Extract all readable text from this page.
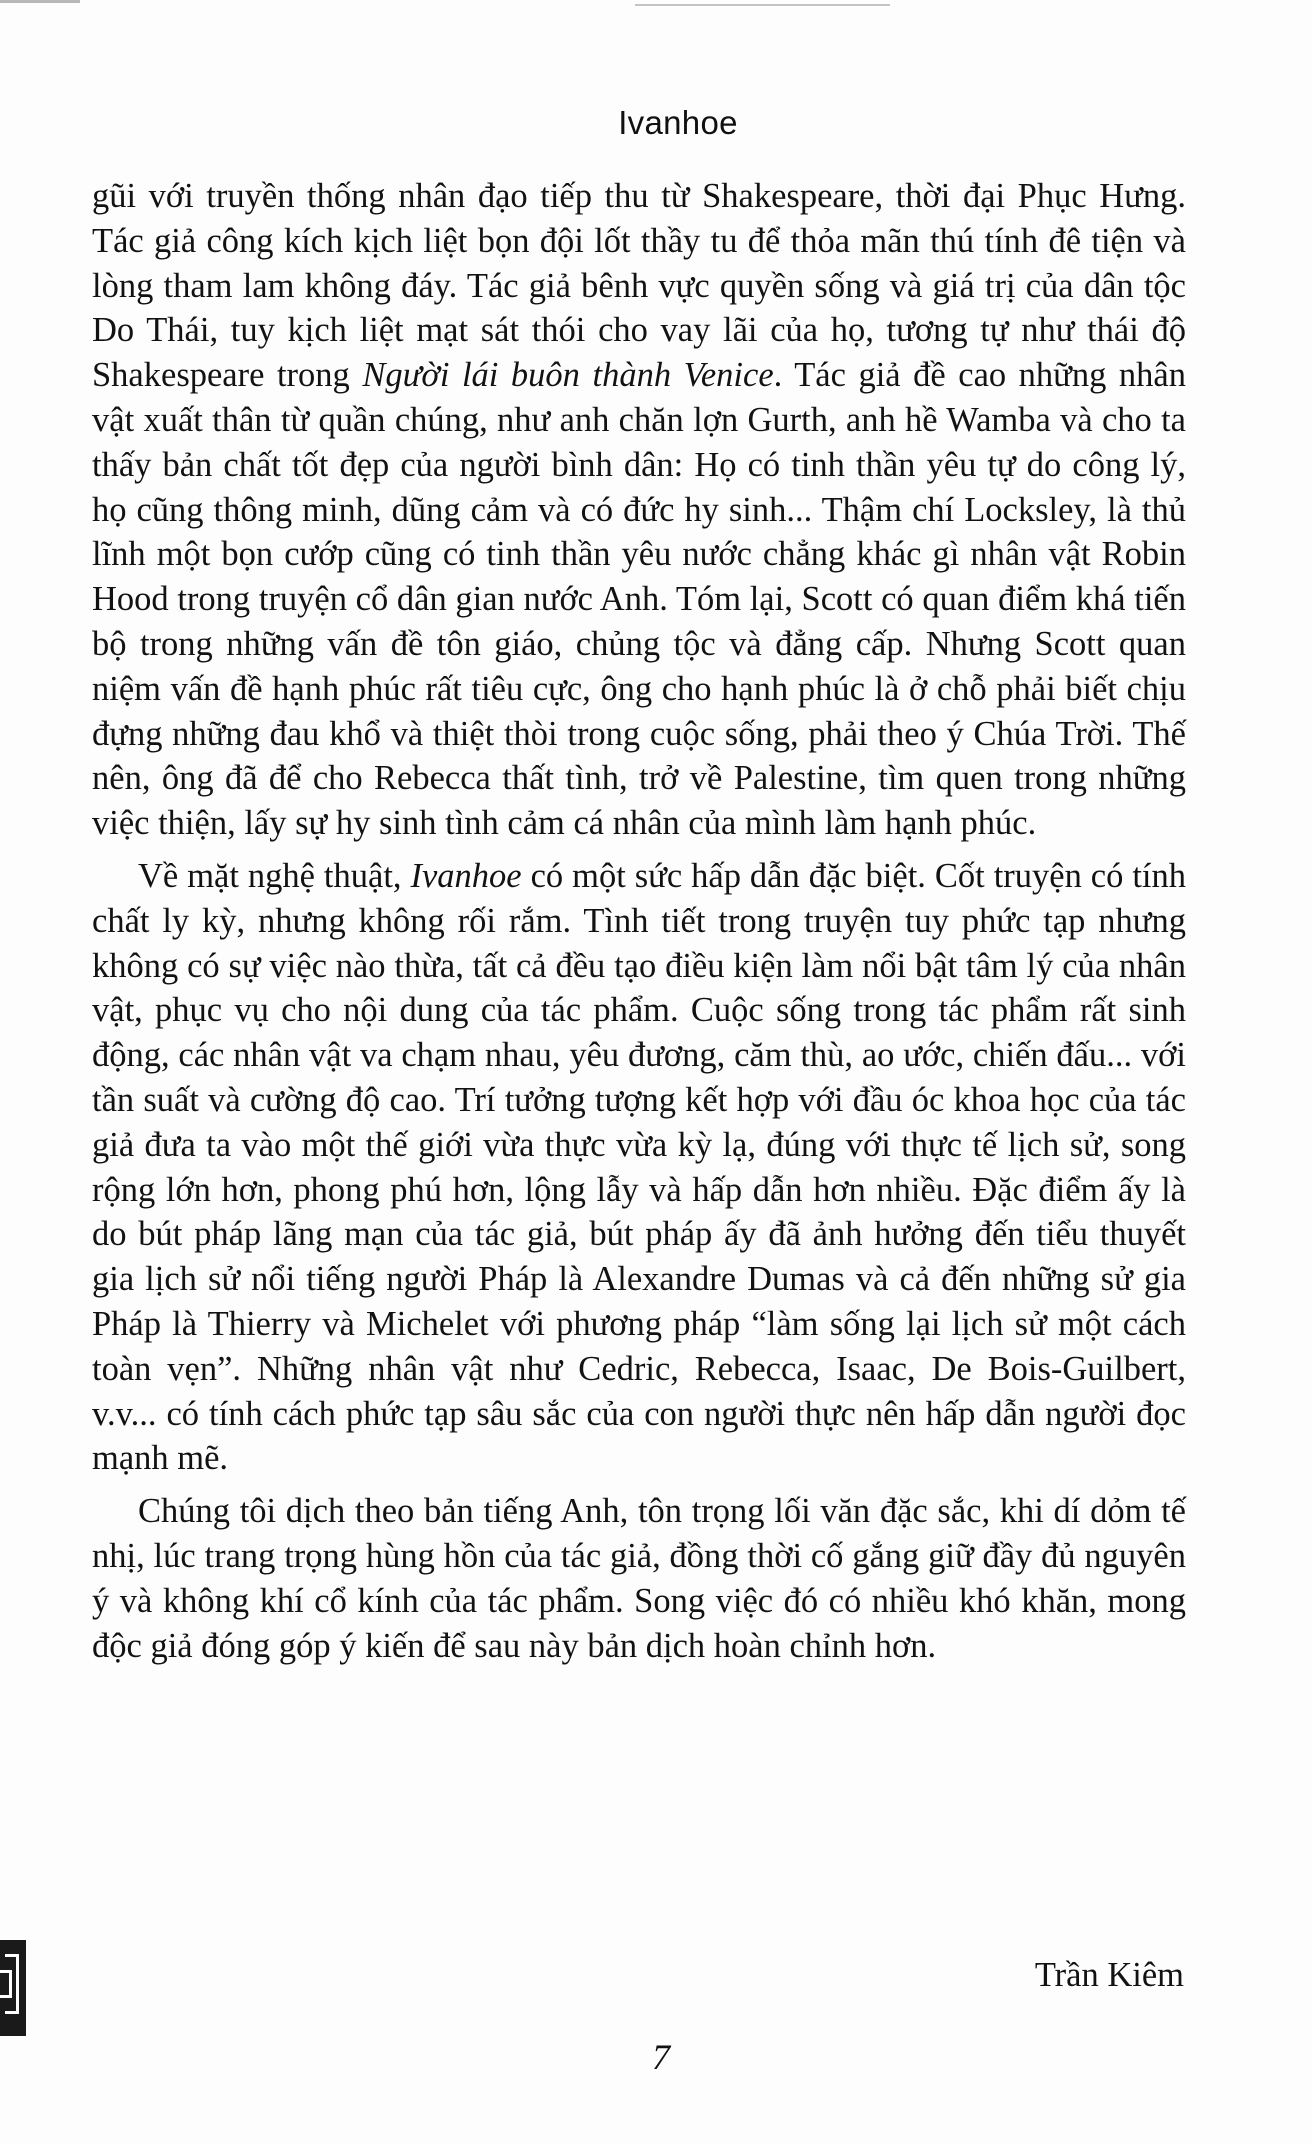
Ivanhoe

gũi với truyền thống nhân đạo tiếp thu từ Shakespeare, thời đại Phục Hưng. Tác giả công kích kịch liệt bọn đội lốt thầy tu để thỏa mãn thú tính đê tiện và lòng tham lam không đáy. Tác giả bênh vực quyền sống và giá trị của dân tộc Do Thái, tuy kịch liệt mạt sát thói cho vay lãi của họ, tương tự như thái độ Shakespeare trong Người lái buôn thành Venice. Tác giả đề cao những nhân vật xuất thân từ quần chúng, như anh chăn lợn Gurth, anh hề Wamba và cho ta thấy bản chất tốt đẹp của người bình dân: Họ có tinh thần yêu tự do công lý, họ cũng thông minh, dũng cảm và có đức hy sinh... Thậm chí Locksley, là thủ lĩnh một bọn cướp cũng có tinh thần yêu nước chẳng khác gì nhân vật Robin Hood trong truyện cổ dân gian nước Anh. Tóm lại, Scott có quan điểm khá tiến bộ trong những vấn đề tôn giáo, chủng tộc và đẳng cấp. Nhưng Scott quan niệm vấn đề hạnh phúc rất tiêu cực, ông cho hạnh phúc là ở chỗ phải biết chịu đựng những đau khổ và thiệt thòi trong cuộc sống, phải theo ý Chúa Trời. Thế nên, ông đã để cho Rebecca thất tình, trở về Palestine, tìm quen trong những việc thiện, lấy sự hy sinh tình cảm cá nhân của mình làm hạnh phúc.

Về mặt nghệ thuật, Ivanhoe có một sức hấp dẫn đặc biệt. Cốt truyện có tính chất ly kỳ, nhưng không rối rắm. Tình tiết trong truyện tuy phức tạp nhưng không có sự việc nào thừa, tất cả đều tạo điều kiện làm nổi bật tâm lý của nhân vật, phục vụ cho nội dung của tác phẩm. Cuộc sống trong tác phẩm rất sinh động, các nhân vật va chạm nhau, yêu đương, căm thù, ao ước, chiến đấu... với tần suất và cường độ cao. Trí tưởng tượng kết hợp với đầu óc khoa học của tác giả đưa ta vào một thế giới vừa thực vừa kỳ lạ, đúng với thực tế lịch sử, song rộng lớn hơn, phong phú hơn, lộng lẫy và hấp dẫn hơn nhiều. Đặc điểm ấy là do bút pháp lãng mạn của tác giả, bút pháp ấy đã ảnh hưởng đến tiểu thuyết gia lịch sử nổi tiếng người Pháp là Alexandre Dumas và cả đến những sử gia Pháp là Thierry và Michelet với phương pháp “làm sống lại lịch sử một cách toàn vẹn”. Những nhân vật như Cedric, Rebecca, Isaac, De Bois-Guilbert, v.v... có tính cách phức tạp sâu sắc của con người thực nên hấp dẫn người đọc mạnh mẽ.

Chúng tôi dịch theo bản tiếng Anh, tôn trọng lối văn đặc sắc, khi dí dỏm tế nhị, lúc trang trọng hùng hồn của tác giả, đồng thời cố gắng giữ đầy đủ nguyên ý và không khí cổ kính của tác phẩm. Song việc đó có nhiều khó khăn, mong độc giả đóng góp ý kiến để sau này bản dịch hoàn chỉnh hơn.

Trần Kiêm
7
